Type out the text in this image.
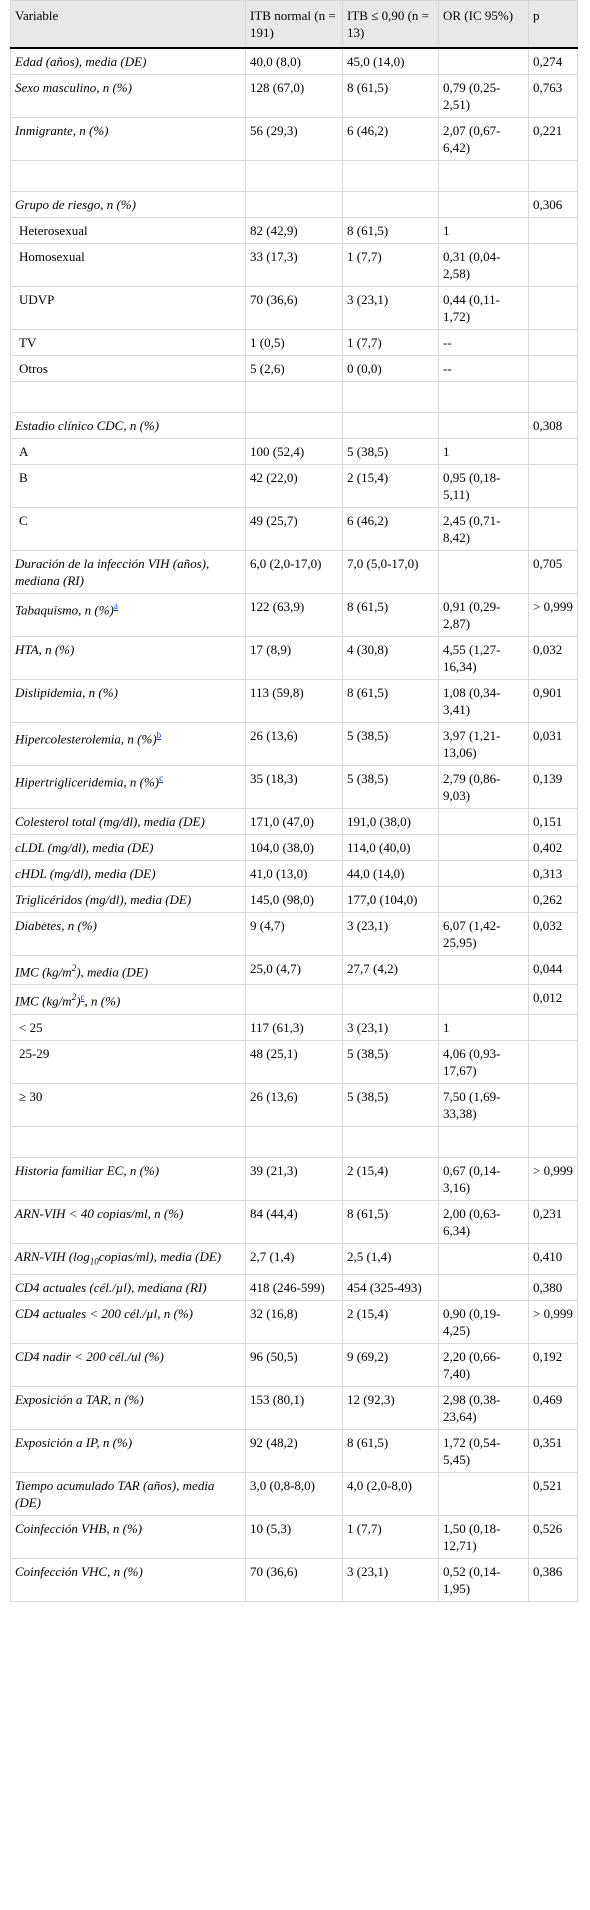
Variable	ITB normal (n = 191)	ITB ≤ 0,90 (n = 13)	OR (IC 95%)	p
Edad (años), media (DE)	40,0 (8,0)	45,0 (14,0)		0,274
Sexo masculino, n (%)	128 (67,0)	8 (61,5)	0,79 (0,25-2,51)	0,763
Inmigrante, n (%)	56 (29,3)	6 (46,2)	2,07 (0,67-6,42)	0,221

Grupo de riesgo, n (%)				0,306
Heterosexual	82 (42,9)	8 (61,5)	1	
Homosexual	33 (17,3)	1 (7,7)	0,31 (0,04-2,58)	
UDVP	70 (36,6)	3 (23,1)	0,44 (0,11-1,72)	
TV	1 (0,5)	1 (7,7)	--	
Otros	5 (2,6)	0 (0,0)	--	

Estadio clínico CDC, n (%)				0,308
A	100 (52,4)	5 (38,5)	1	
B	42 (22,0)	2 (15,4)	0,95 (0,18-5,11)	
C	49 (25,7)	6 (46,2)	2,45 (0,71-8,42)	
Duración de la infección VIH (años), mediana (RI)	6,0 (2,0-17,0)	7,0 (5,0-17,0)		0,705
Tabaquismo, n (%)$^a$	122 (63,9)	8 (61,5)	0,91 (0,29-2,87)	> 0,999
HTA, n (%)	17 (8,9)	4 (30,8)	4,55 (1,27-16,34)	0,032
Dislipidemia, n (%)	113 (59,8)	8 (61,5)	1,08 (0,34-3,41)	0,901
Hipercolesterolemia, n (%)$^b$	26 (13,6)	5 (38,5)	3,97 (1,21-13,06)	0,031
Hipertrigliceridemia, n (%)$^c$	35 (18,3)	5 (38,5)	2,79 (0,86-9,03)	0,139
Colesterol total (mg/dl), media (DE)	171,0 (47,0)	191,0 (38,0)		0,151
cLDL (mg/dl), media (DE)	104,0 (38,0)	114,0 (40,0)		0,402
cHDL (mg/dl), media (DE)	41,0 (13,0)	44,0 (14,0)		0,313
Triglicéridos (mg/dl), media (DE)	145,0 (98,0)	177,0 (104,0)		0,262
Diabetes, n (%)	9 (4,7)	3 (23,1)	6,07 (1,42-25,95)	0,032
IMC $(kg/m^2)$, media (DE)	25,0 (4,7)	27,7 (4,2)		0,044
IMC $(kg/m^2)^c$, n (%)				0,012
< 25	117 (61,3)	3 (23,1)	1	
25-29	48 (25,1)	5 (38,5)	4,06 (0,93-17,67)	
≥ 30	26 (13,6)	5 (38,5)	7,50 (1,69-33,38)	

Historia familiar EC, n (%)	39 (21,3)	2 (15,4)	0,67 (0,14-3,16)	> 0,999
ARN-VIH < 40 copias/ml, n (%)	84 (44,4)	8 (61,5)	2,00 (0,63-6,34)	0,231
ARN-VIH $(\log_{10}copias/ml)$, media (DE)	2,7 (1,4)	2,5 (1,4)		0,410
CD4 actuales (cél./µl), mediana (RI)	418 (246-599)	454 (325-493)		0,380
CD4 actuales < 200 cél./µl, n (%)	32 (16,8)	2 (15,4)	0,90 (0,19-4,25)	> 0,999
CD4 nadir < 200 cél./ul (%)	96 (50,5)	9 (69,2)	2,20 (0,66-7,40)	0,192
Exposición a TAR, n (%)	153 (80,1)	12 (92,3)	2,98 (0,38-23,64)	0,469
Exposición a IP, n (%)	92 (48,2)	8 (61,5)	1,72 (0,54-5,45)	0,351
Tiempo acumulado TAR (años), media (DE)	3,0 (0,8-8,0)	4,0 (2,0-8,0)		0,521
Coinfección VHB, n (%)	10 (5,3)	1 (7,7)	1,50 (0,18-12,71)	0,526
Coinfección VHC, n (%)	70 (36,6)	3 (23,1)	0,52 (0,14-1,95)	0,386
